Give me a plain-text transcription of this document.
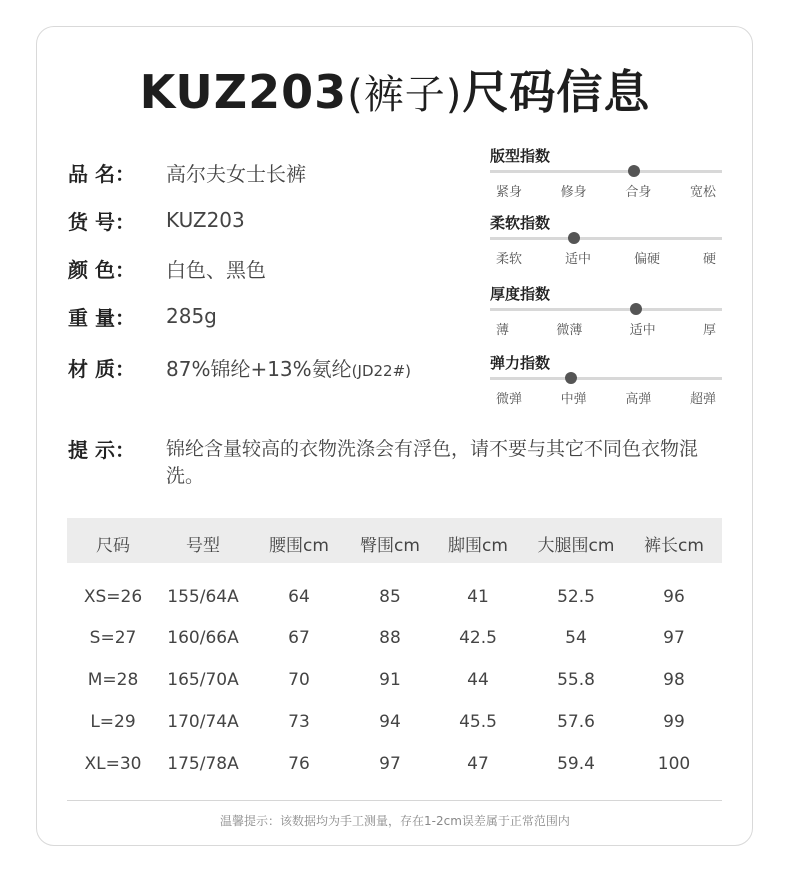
KUZ203(裤子)尺码信息
品 名：	高尔夫女士长裤
货 号：	KUZ203
颜 色：	白色、黑色
重 量：	285g
材 质：	87%锦纶+13%氨纶(JD22#)
提 示：	锦纶含量较高的衣物洗涤会有浮色，请不要与其它不同色衣物混洗。
版型指数
紧身	修身	合身	宽松
柔软指数
柔软	适中	偏硬	硬
厚度指数
薄	微薄	适中	厚
弹力指数
微弹	中弹	高弹	超弹
尺码	号型	腰围cm 臀围cm 脚围cm 大腿围cm 裤长cm
XS=26 155/64A	64	85	41	52.5	96
S=27 160/66A	67	88	42.5	54	97
M=28 165/70A	70	91	44	55.8	98
L=29 170/74A	73	94	45.5	57.6	99
XL=30 175/78A	76	97	47	59.4	100
温馨提示：该数据均为手工测量，存在1-2cm误差属于正常范围内
